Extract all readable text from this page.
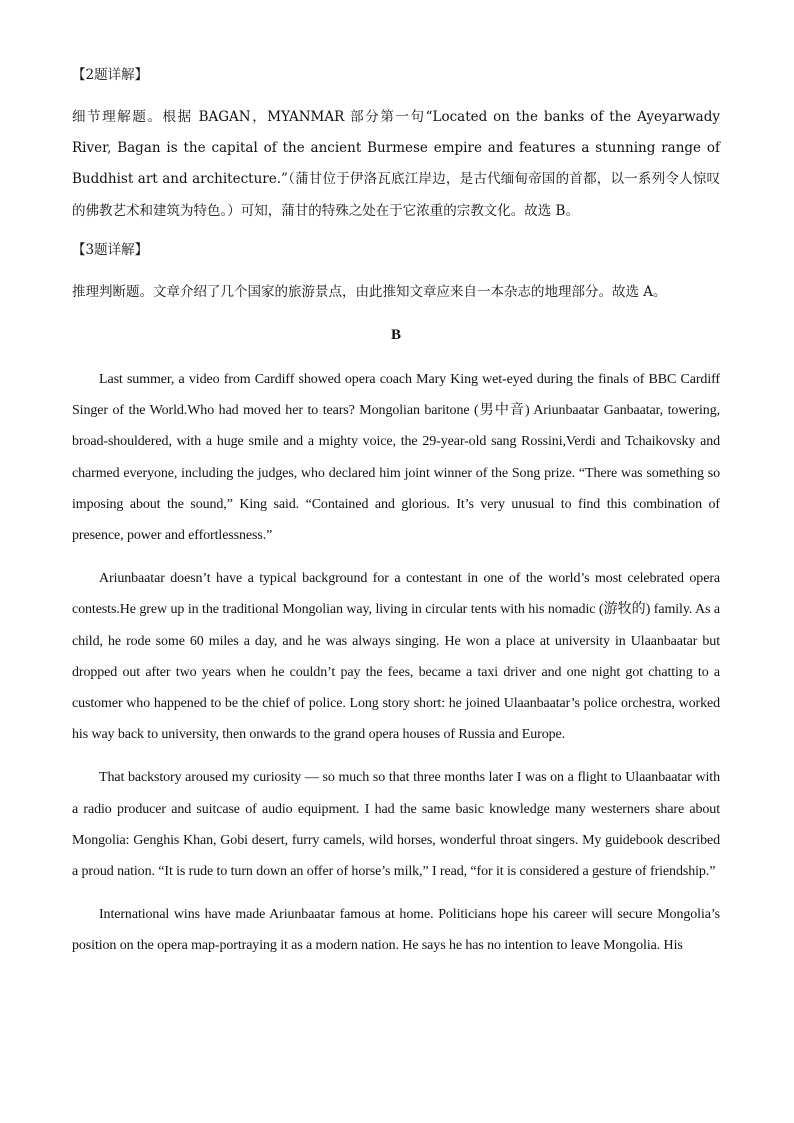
【2题详解】

细节理解题。根据 BAGAN，MYANMAR 部分第一句“Located on the banks of the Ayeyarwady River, Bagan is the capital of the ancient Burmese empire and features a stunning range of Buddhist art and architecture.”（蒲甘位于伊洛瓦底江岸边，是古代缅甸帝国的首都，以一系列令人惊叹的佛教艺术和建筑为特色。）可知，蒲甘的特殊之处在于它浓重的宗教文化。故选 B。

【3题详解】

推理判断题。文章介绍了几个国家的旅游景点，由此推知文章应来自一本杂志的地理部分。故选 A。

B

Last summer, a video from Cardiff showed opera coach Mary King wet-eyed during the finals of BBC Cardiff Singer of the World.Who had moved her to tears? Mongolian baritone (男中音) Ariunbaatar Ganbaatar, towering, broad-shouldered, with a huge smile and a mighty voice, the 29-year-old sang Rossini,Verdi and Tchaikovsky and charmed everyone, including the judges, who declared him joint winner of the Song prize. “There was something so imposing about the sound,” King said. “Contained and glorious. It’s very unusual to find this combination of presence, power and effortlessness.”

Ariunbaatar doesn’t have a typical background for a contestant in one of the world’s most celebrated opera contests.He grew up in the traditional Mongolian way, living in circular tents with his nomadic (游牧的) family. As a child, he rode some 60 miles a day, and he was always singing. He won a place at university in Ulaanbaatar but dropped out after two years when he couldn’t pay the fees, became a taxi driver and one night got chatting to a customer who happened to be the chief of police. Long story short: he joined Ulaanbaatar’s police orchestra, worked his way back to university, then onwards to the grand opera houses of Russia and Europe.

That backstory aroused my curiosity — so much so that three months later I was on a flight to Ulaanbaatar with a radio producer and suitcase of audio equipment. I had the same basic knowledge many westerners share about Mongolia: Genghis Khan, Gobi desert, furry camels, wild horses, wonderful throat singers. My guidebook described a proud nation. “It is rude to turn down an offer of horse’s milk,” I read, “for it is considered a gesture of friendship.”

International wins have made Ariunbaatar famous at home. Politicians hope his career will secure Mongolia’s position on the opera map-portraying it as a modern nation. He says he has no intention to leave Mongolia. His
